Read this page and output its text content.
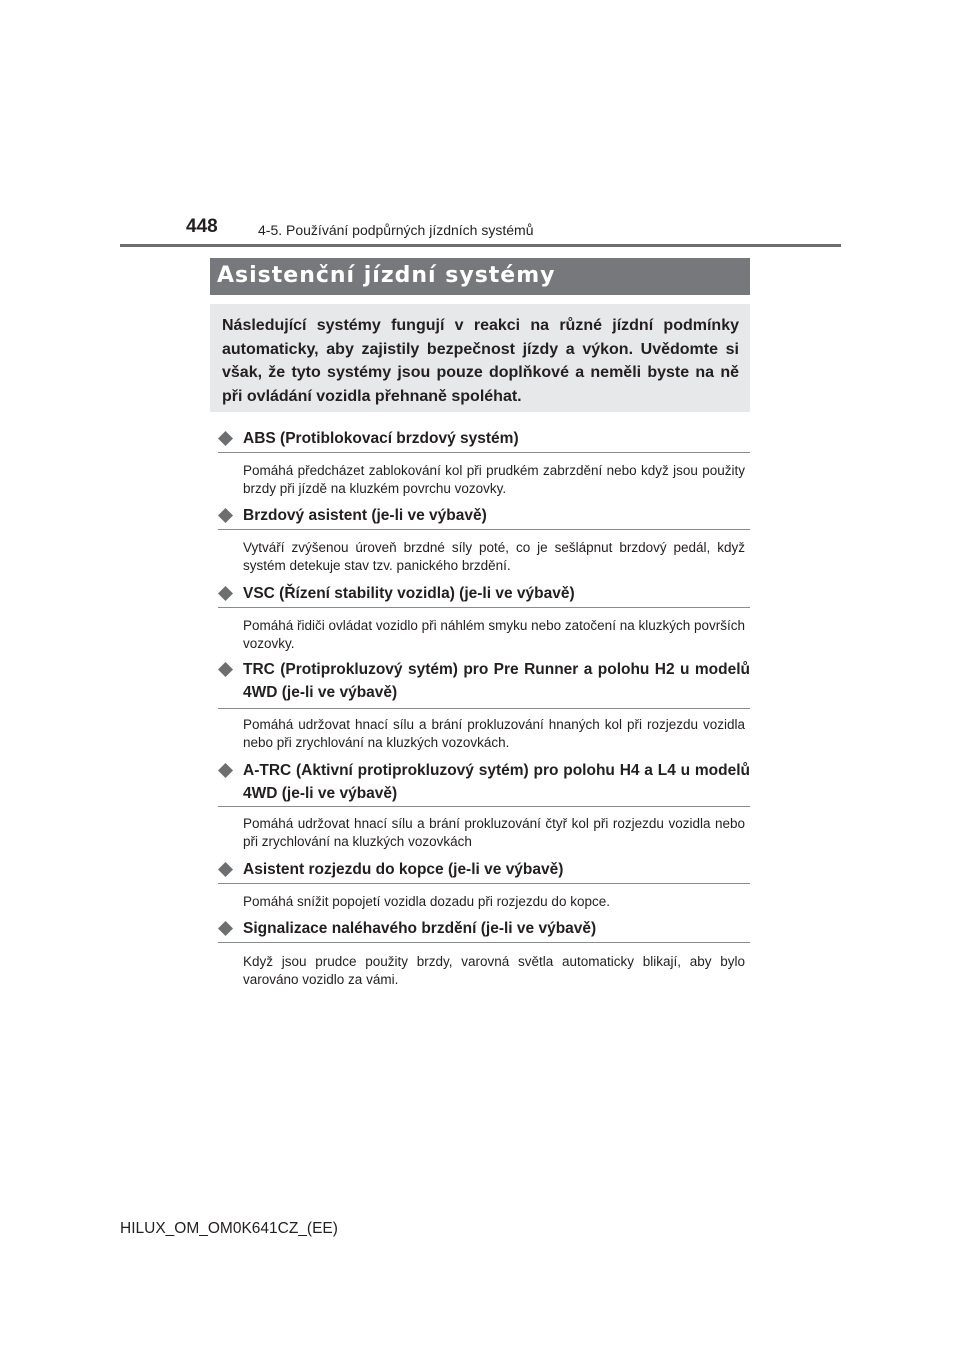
448	4-5. Používání podpůrných jízdních systémů
Asistenční jízdní systémy
Následující systémy fungují v reakci na různé jízdní podmínky automaticky, aby zajistily bezpečnost jízdy a výkon. Uvědomte si však, že tyto systémy jsou pouze doplňkové a neměli byste na ně při ovládání vozidla přehnaně spoléhat.
ABS (Protiblokovací brzdový systém)
Pomáhá předcházet zablokování kol při prudkém zabrzdění nebo když jsou použity brzdy při jízdě na kluzkém povrchu vozovky.
Brzdový asistent (je-li ve výbavě)
Vytváří zvýšenou úroveň brzdné síly poté, co je sešlápnut brzdový pedál, když systém detekuje stav tzv. panického brzdění.
VSC (Řízení stability vozidla) (je-li ve výbavě)
Pomáhá řidiči ovládat vozidlo při náhlém smyku nebo zatočení na kluzkých površích vozovky.
TRC (Protiprokluzový sytém) pro Pre Runner a polohu H2 u modelů 4WD (je-li ve výbavě)
Pomáhá udržovat hnací sílu a brání prokluzování hnaných kol při rozjezdu vozidla nebo při zrychlování na kluzkých vozovkách.
A-TRC (Aktivní protiprokluzový sytém) pro polohu H4 a L4 u modelů 4WD (je-li ve výbavě)
Pomáhá udržovat hnací sílu a brání prokluzování čtyř kol při rozjezdu vozidla nebo při zrychlování na kluzkých vozovkách
Asistent rozjezdu do kopce (je-li ve výbavě)
Pomáhá snížit popojetí vozidla dozadu při rozjezdu do kopce.
Signalizace naléhavého brzdění (je-li ve výbavě)
Když jsou prudce použity brzdy, varovná světla automaticky blikají, aby bylo varováno vozidlo za vámi.
HILUX_OM_OM0K641CZ_(EE)
